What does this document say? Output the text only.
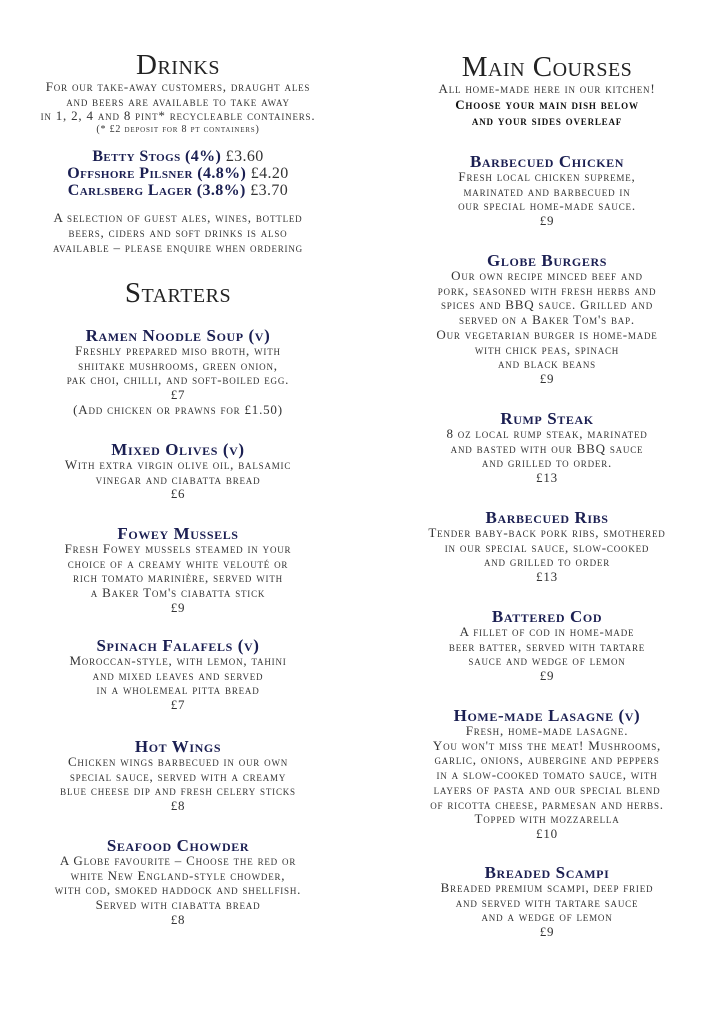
Drinks
For our take-away customers, draught ales
and beers are available to take away
in 1, 2, 4 and 8 pint* recycleable containers.
(* £2 deposit for 8 pt containers)
Betty Stogs (4%) £3.60
Offshore Pilsner (4.8%) £4.20
Carlsberg Lager (3.8%) £3.70
A selection of guest ales, wines, bottled
beers, ciders and soft drinks is also
available – please enquire when ordering
Starters
Ramen Noodle Soup (v)
Freshly prepared miso broth, with
shiitake mushrooms, green onion,
pak choi, chilli, and soft-boiled egg.
£7
(Add chicken or prawns for £1.50)
Mixed Olives (v)
With extra virgin olive oil, balsamic
vinegar and ciabatta bread
£6
Fowey Mussels
Fresh Fowey mussels steamed in your
choice of a creamy white velouté or
rich tomato marinière, served with
a Baker Tom's ciabatta stick
£9
Spinach Falafels (v)
Moroccan-style, with lemon, tahini
and mixed leaves and served
in a wholemeal pitta bread
£7
Hot Wings
Chicken wings barbecued in our own
special sauce, served with a creamy
blue cheese dip and fresh celery sticks
£8
Seafood Chowder
A Globe favourite – Choose the red or
white New England-style chowder,
with cod, smoked haddock and shellfish.
Served with ciabatta bread
£8
Main Courses
All home-made here in our kitchen!
Choose your main dish below
and your sides overleaf
Barbecued Chicken
Fresh local chicken supreme,
marinated and barbecued in
our special home-made sauce.
£9
Globe Burgers
Our own recipe minced beef and
pork, seasoned with fresh herbs and
spices and BBQ sauce. Grilled and
served on a Baker Tom's bap.
Our vegetarian burger is home-made
with chick peas, spinach
and black beans
£9
Rump Steak
8 oz local rump steak, marinated
and basted with our BBQ sauce
and grilled to order.
£13
Barbecued Ribs
Tender baby-back pork ribs, smothered
in our special sauce, slow-cooked
and grilled to order
£13
Battered Cod
A fillet of cod in home-made
beer batter, served with tartare
sauce and wedge of lemon
£9
Home-made Lasagne (v)
Fresh, home-made lasagne.
You won't miss the meat! Mushrooms,
garlic, onions, aubergine and peppers
in a slow-cooked tomato sauce, with
layers of pasta and our special blend
of ricotta cheese, parmesan and herbs.
Topped with mozzarella
£10
Breaded Scampi
Breaded premium scampi, deep fried
and served with tartare sauce
and a wedge of lemon
£9
